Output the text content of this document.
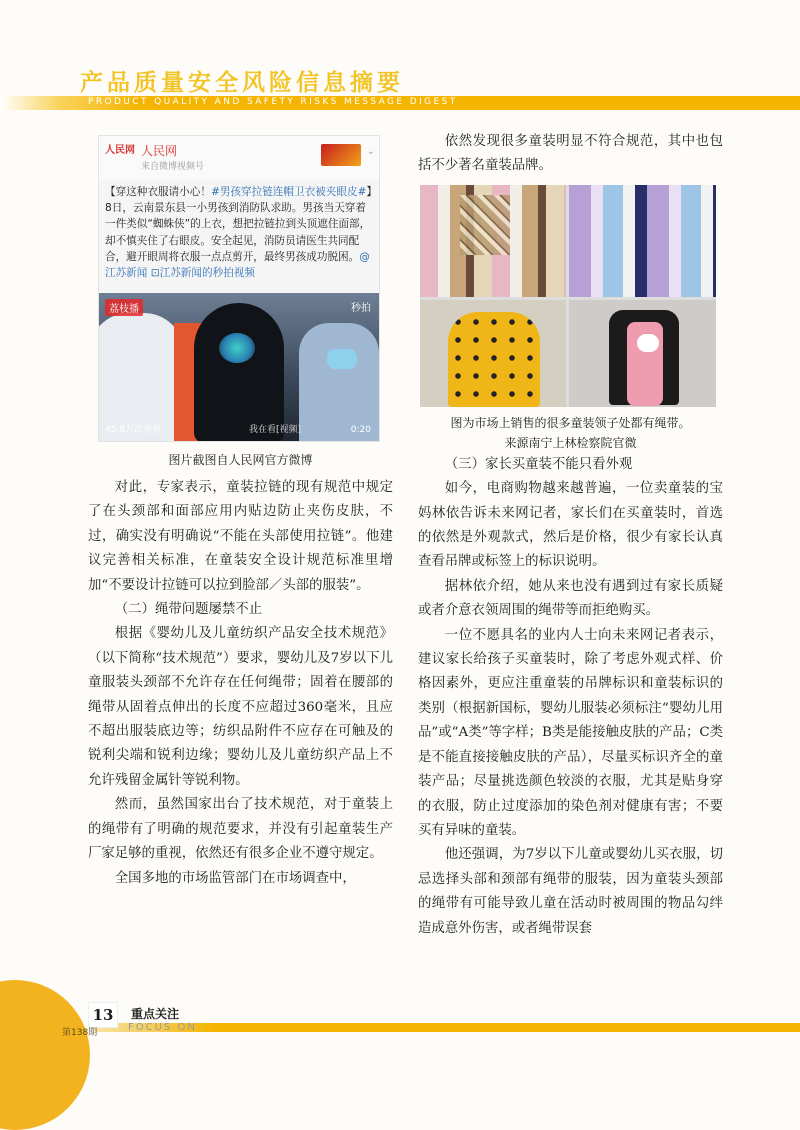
产品质量安全风险信息摘要
PRODUCT QUALITY AND SAFETY RISKS MESSAGE DIGEST
人民网 人民网
来自微博视频号
⌄
【穿这种衣服请小心！#男孩穿拉链连帽卫衣被夹眼皮#】8日，云南景东县一小男孩到消防队求助。男孩当天穿着一件类似“蜘蛛侠”的上衣，想把拉链拉到头顶遮住面部，却不慎夹住了右眼皮。安全起见，消防员请医生共同配合，避开眼周将衣服一点点剪开，最终男孩成功脱困。@江苏新闻 ⊡江苏新闻的秒拍视频
荔枝播	秒拍
45.8万次观看	我在看[视频]	0:20

图片截图自人民网官方微博

对此，专家表示，童装拉链的现有规范中规定了在头颈部和面部应用内贴边防止夹伤皮肤，不过，确实没有明确说“不能在头部使用拉链”。他建议完善相关标准，在童装安全设计规范标准里增加“不要设计拉链可以拉到脸部／头部的服装”。

（二）绳带问题屡禁不止

根据《婴幼儿及儿童纺织产品安全技术规范》（以下简称“技术规范”）要求，婴幼儿及7岁以下儿童服装头颈部不允许存在任何绳带；固着在腰部的绳带从固着点伸出的长度不应超过360毫米，且应不超出服装底边等；纺织品附件不应存在可触及的锐利尖端和锐利边缘；婴幼儿及儿童纺织产品上不允许残留金属针等锐利物。

然而，虽然国家出台了技术规范，对于童装上的绳带有了明确的规范要求，并没有引起童装生产厂家足够的重视，依然还有很多企业不遵守规定。

全国多地的市场监管部门在市场调查中，

依然发现很多童装明显不符合规范，其中也包括不少著名童装品牌。

图为市场上销售的很多童装领子处都有绳带。

来源南宁上林检察院官微

（三）家长买童装不能只看外观

如今，电商购物越来越普遍，一位卖童装的宝妈林依告诉未来网记者，家长们在买童装时，首选的依然是外观款式，然后是价格，很少有家长认真查看吊牌或标签上的标识说明。

据林依介绍，她从来也没有遇到过有家长质疑或者介意衣领周围的绳带等而拒绝购买。

一位不愿具名的业内人士向未来网记者表示，建议家长给孩子买童装时，除了考虑外观式样、价格因素外，更应注重童装的吊牌标识和童装标识的类别（根据新国标，婴幼儿服装必须标注“婴幼儿用品”或“A类”等字样；B类是能接触皮肤的产品；C类是不能直接接触皮肤的产品），尽量买标识齐全的童装产品；尽量挑选颜色较淡的衣服，尤其是贴身穿的衣服，防止过度添加的染色剂对健康有害；不要买有异味的童装。

他还强调，为7岁以下儿童或婴幼儿买衣服，切忌选择头部和颈部有绳带的服装，因为童装头颈部的绳带有可能导致儿童在活动时被周围的物品勾绊造成意外伤害，或者绳带误套

13
第138期
重点关注
FOCUS ON
